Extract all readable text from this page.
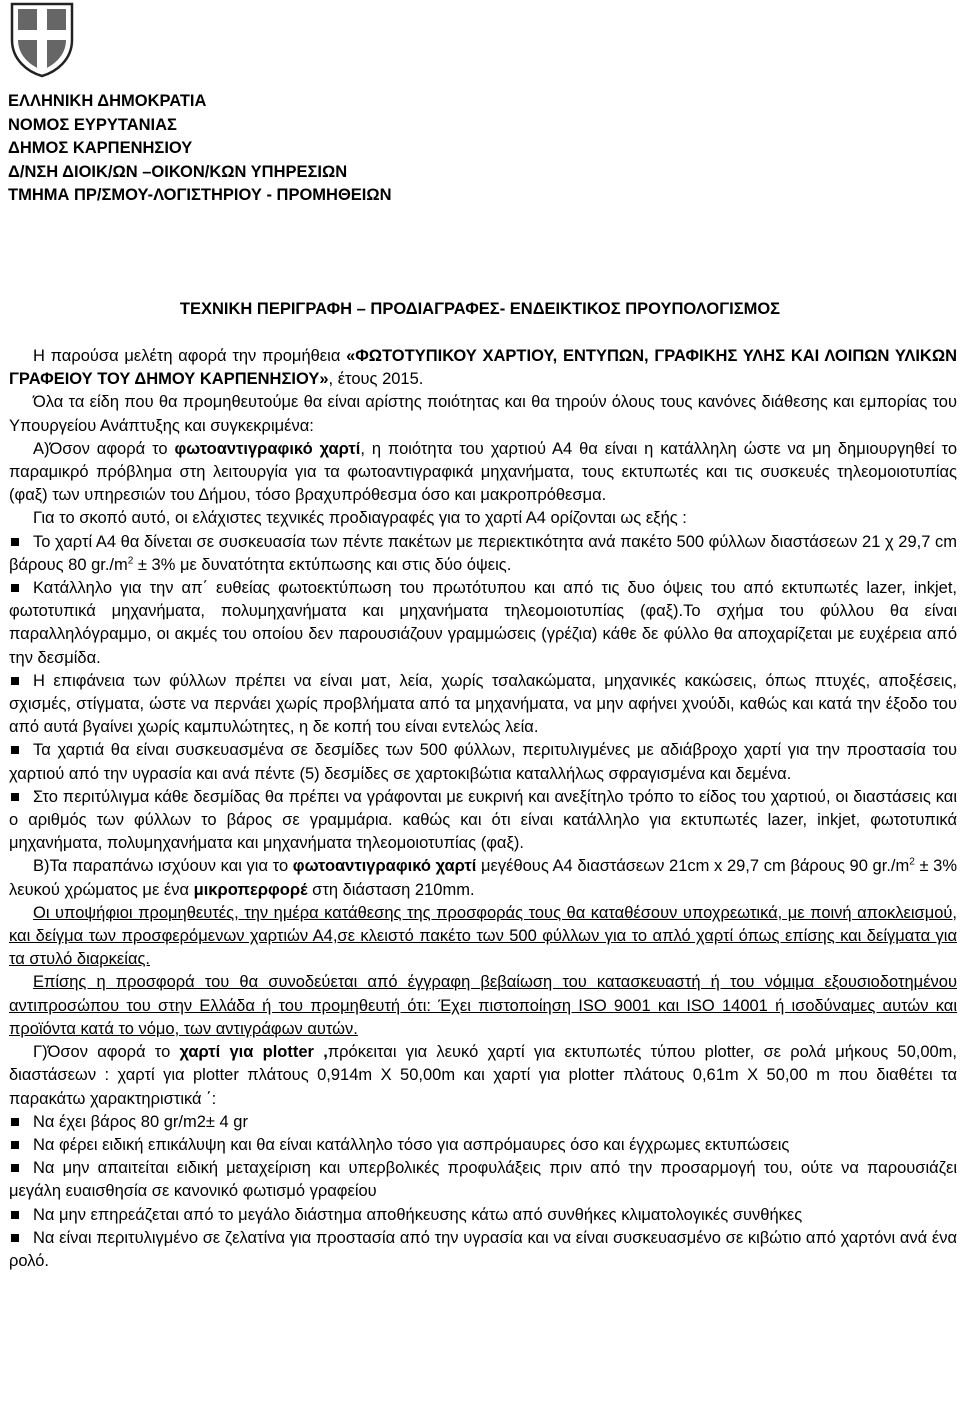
ΕΛΛΗΝΙΚΗ ΔΗΜΟΚΡΑΤΙΑ
ΝΟΜΟΣ ΕΥΡΥΤΑΝΙΑΣ
ΔΗΜΟΣ ΚΑΡΠΕΝΗΣΙΟΥ
Δ/ΝΣΗ ΔΙΟΙΚ/ΩΝ –ΟΙΚΟΝ/ΚΩΝ ΥΠΗΡΕΣΙΩΝ
ΤΜΗΜΑ ΠΡ/ΣΜΟΥ-ΛΟΓΙΣΤΗΡΙΟΥ - ΠΡΟΜΗΘΕΙΩΝ
ΤΕΧΝΙΚΗ ΠΕΡΙΓΡΑΦΗ – ΠΡΟΔΙΑΓΡΑΦΕΣ- ΕΝΔΕΙΚΤΙΚΟΣ ΠΡΟΥΠΟΛΟΓΙΣΜΟΣ

Η παρούσα μελέτη αφορά την προμήθεια «ΦΩΤΟΤΥΠΙΚΟΥ ΧΑΡΤΙΟΥ, ΕΝΤΥΠΩΝ, ΓΡΑΦΙΚΗΣ ΥΛΗΣ ΚΑΙ ΛΟΙΠΩΝ ΥΛΙΚΩΝ ΓΡΑΦΕΙΟΥ ΤΟΥ ΔΗΜΟΥ ΚΑΡΠΕΝΗΣΙΟΥ», έτους 2015.

Όλα τα είδη που θα προμηθευτούμε θα είναι αρίστης ποιότητας και θα τηρούν όλους τους κανόνες διάθεσης και εμπορίας του Υπουργείου Ανάπτυξης και συγκεκριμένα:

Α)Όσον αφορά το φωτοαντιγραφικό χαρτί, η ποιότητα του χαρτιού Α4 θα είναι η κατάλληλη ώστε να μη δημιουργηθεί το παραμικρό πρόβλημα στη λειτουργία για τα φωτοαντιγραφικά μηχανήματα, τους εκτυπωτές και τις συσκευές τηλεομοιοτυπίας (φαξ) των υπηρεσιών του Δήμου, τόσο βραχυπρόθεσμα όσο και μακροπρόθεσμα.

Για το σκοπό αυτό, οι ελάχιστες τεχνικές προδιαγραφές για το χαρτί Α4 ορίζονται ως εξής :

Το χαρτί Α4 θα δίνεται σε συσκευασία των πέντε πακέτων με περιεκτικότητα ανά πακέτο 500 φύλλων διαστάσεων 21 χ 29,7 cm βάρους 80 $gr./m^2 \pm 3\%$ με δυνατότητα εκτύπωσης και στις δύο όψεις.

Κατάλληλο για την απ΄ ευθείας φωτοεκτύπωση του πρωτότυπου και από τις δυο όψεις του από εκτυπωτές lazer, inkjet, φωτοτυπικά μηχανήματα, πολυμηχανήματα και μηχανήματα τηλεομοιοτυπίας (φαξ).Το σχήμα του φύλλου θα είναι παραλληλόγραμμο, οι ακμές του οποίου δεν παρουσιάζουν γραμμώσεις (γρέζια) κάθε δε φύλλο θα αποχαρίζεται με ευχέρεια από την δεσμίδα.

Η επιφάνεια των φύλλων πρέπει να είναι ματ, λεία, χωρίς τσαλακώματα, μηχανικές κακώσεις, όπως πτυχές, αποξέσεις, σχισμές, στίγματα, ώστε να περνάει χωρίς προβλήματα από τα μηχανήματα, να μην αφήνει χνούδι, καθώς και κατά την έξοδο του από αυτά βγαίνει χωρίς καμπυλώτητες, η δε κοπή του είναι εντελώς λεία.

Τα χαρτιά θα είναι συσκευασμένα σε δεσμίδες των 500 φύλλων, περιτυλιγμένες με αδιάβροχο χαρτί για την προστασία του χαρτιού από την υγρασία και ανά πέντε (5) δεσμίδες σε χαρτοκιβώτια καταλλήλως σφραγισμένα και δεμένα.

Στο περιτύλιγμα κάθε δεσμίδας θα πρέπει να γράφονται με ευκρινή και ανεξίτηλο τρόπο το είδος του χαρτιού, οι διαστάσεις και ο αριθμός των φύλλων το βάρος σε γραμμάρια. καθώς και ότι είναι κατάλληλο για εκτυπωτές lazer, inkjet, φωτοτυπικά μηχανήματα, πολυμηχανήματα και μηχανήματα τηλεομοιοτυπίας (φαξ).

Β)Τα παραπάνω ισχύουν και για το φωτοαντιγραφικό χαρτί μεγέθους Α4 διαστάσεων 21cm x 29,7 cm βάρους 90 $gr./m^2 \pm 3\%$ λευκού χρώματος με ένα μικροπερφορέ στη διάσταση 210mm.

Οι υποψήφιοι προμηθευτές, την ημέρα κατάθεσης της προσφοράς τους θα καταθέσουν υποχρεωτικά, με ποινή αποκλεισμού, και δείγμα των προσφερόμενων χαρτιών Α4,σε κλειστό πακέτο των 500 φύλλων για το απλό χαρτί όπως επίσης και δείγματα για τα στυλό διαρκείας.

Επίσης η προσφορά του θα συνοδεύεται από έγγραφη βεβαίωση του κατασκευαστή ή του νόμιμα εξουσιοδοτημένου αντιπροσώπου του στην Ελλάδα ή του προμηθευτή ότι: Έχει πιστοποίηση ISO 9001 και ISO 14001 ή ισοδύναμες αυτών και προϊόντα κατά το νόμο, των αντιγράφων αυτών.

Γ)Όσον αφορά το χαρτί για plotter ,πρόκειται για λευκό χαρτί για εκτυπωτές τύπου plotter, σε ρολά μήκους 50,00m, διαστάσεων : χαρτί για plotter πλάτους 0,914m X 50,00m και χαρτί για plotter πλάτους 0,61m X 50,00 m που διαθέτει τα παρακάτω χαρακτηριστικά ΄:

Να έχει βάρος 80 gr/m2± 4 gr

Να φέρει ειδική επικάλυψη και θα είναι κατάλληλο τόσο για ασπρόμαυρες όσο και έγχρωμες εκτυπώσεις

Να μην απαιτείται ειδική μεταχείριση και υπερβολικές προφυλάξεις πριν από την προσαρμογή του, ούτε να παρουσιάζει μεγάλη ευαισθησία σε κανονικό φωτισμό γραφείου

Να μην επηρεάζεται από το μεγάλο διάστημα αποθήκευσης κάτω από συνθήκες κλιματολογικές συνθήκες

Να είναι περιτυλιγμένο σε ζελατίνα για προστασία από την υγρασία και να είναι συσκευασμένο σε κιβώτιο από χαρτόνι ανά ένα ρολό.
